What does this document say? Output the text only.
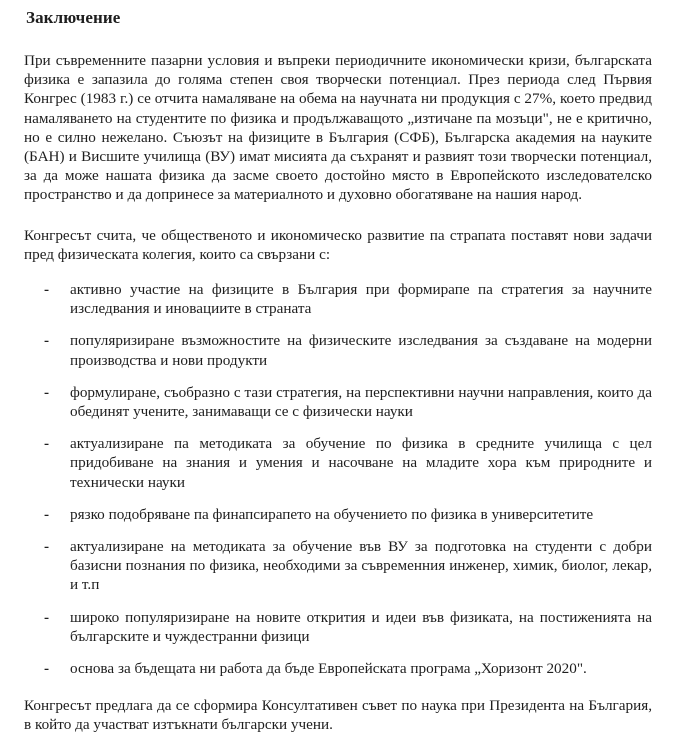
Заключение

При съвременните пазарни условия и въпреки периодичните икономически кризи, българската физика е запазила до голяма степен своя творчески потенциал. През периода след Първия Конгрес (1983 г.) се отчита намаляване на обема на научната ни продукция с 27%, което предвид намаляването на студентите по физика и продължаващото „изтичане па мозъци", не е критично, но е силно нежелано. Съюзът на физиците в България (СФБ), Българска академия на науките (БАН) и Висшите училища (ВУ) имат мисията да съхранят и развият този творчески потенциал, за да може нашата физика да засме своето достойно място в Европейското изследователско пространство и да допринесе за материалното и духовно обогатяване на нашия народ.

Конгресът счита, че общественото и икономическо развитие па страпата поставят нови задачи пред физическата колегия, които са свързани с:

- активно участие на физиците в България при формирапе па стратегия за научните изследвания и иновациите в страната
- популяризиране възможностите на физическите изследвания за създаване на модерни производства и нови продукти
- формулиране, съобразно с тази стратегия, на перспективни научни направления, които да обединят учените, занимаващи се с физически науки
- актуализиране па методиката за обучение по физика в средните училища с цел придобиване на знания и умения и насочване на младите хора към природните и технически науки
- рязко подобряване па финапсирапето на обучението по физика в университетите
- актуализиране на методиката за обучение във ВУ за подготовка на студенти с добри базисни познания по физика, необходими за съвременния инженер, химик, биолог, лекар, и т.п
- широко популяризиране на новите открития и идеи във физиката, на постиженията на българските и чуждестранни физици
- основа за бъдещата ни работа да бъде Европейската програма „Хоризонт 2020".

Конгресът предлага да се сформира Консултативен съвет по наука при Президента на България, в който да участват изтъкнати български учени.
